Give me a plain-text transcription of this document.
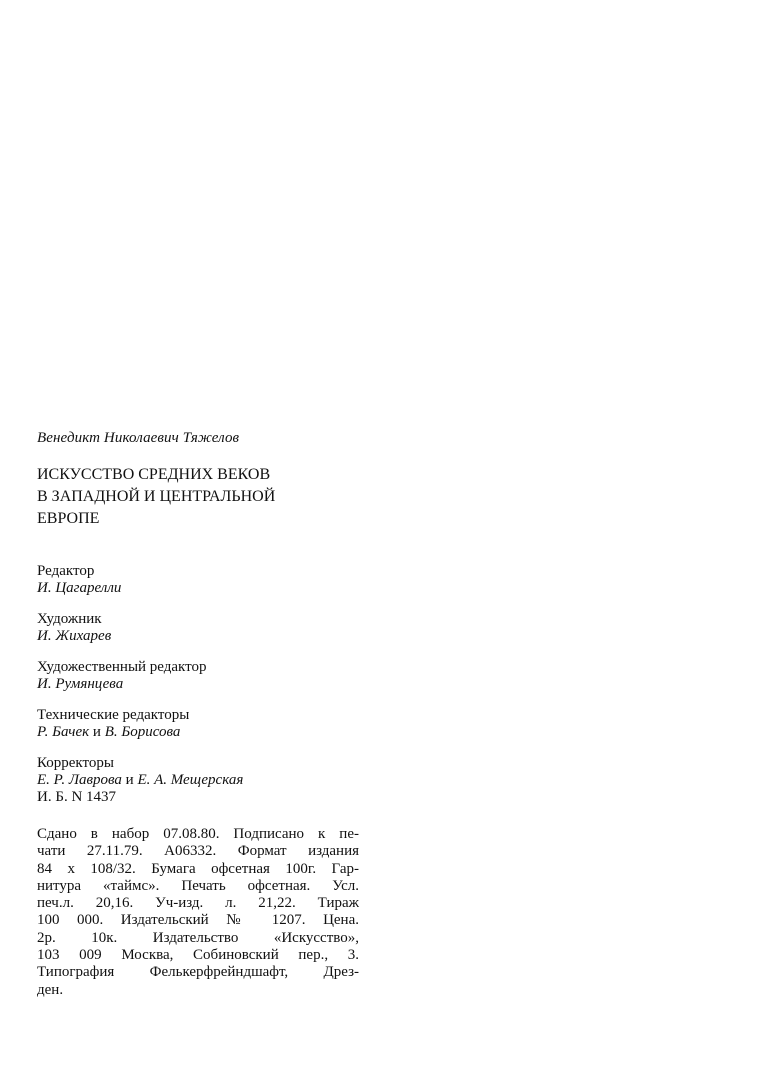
Венедикт Николаевич Тяжелов
ИСКУССТВО СРЕДНИХ ВЕКОВ
В ЗАПАДНОЙ И ЦЕНТРАЛЬНОЙ
ЕВРОПЕ
Редактор
И. Цагарелли
Художник
И. Жихарев
Художественный редактор
И. Румянцева
Технические редакторы
Р. Бачек и В. Борисова
Корректоры
Е. Р. Лаврова и Е. А. Мещерская
И. Б. N 1437
Сдано в набор 07.08.80. Подписано к пе-
чати 27.11.79. А06332. Формат издания
84 x 108/32. Бумага офсетная 100г. Гар-
нитура «таймс». Печать офсетная. Усл.
печ.л. 20,16. Уч-изд. л. 21,22. Тираж
100 000. Издательский № 1207. Цена.
2р. 10к. Издательство «Искусство»,
103 009 Москва, Собиновский пер., 3.
Типография Фелькерфрейндшафт, Дрез-
ден.
